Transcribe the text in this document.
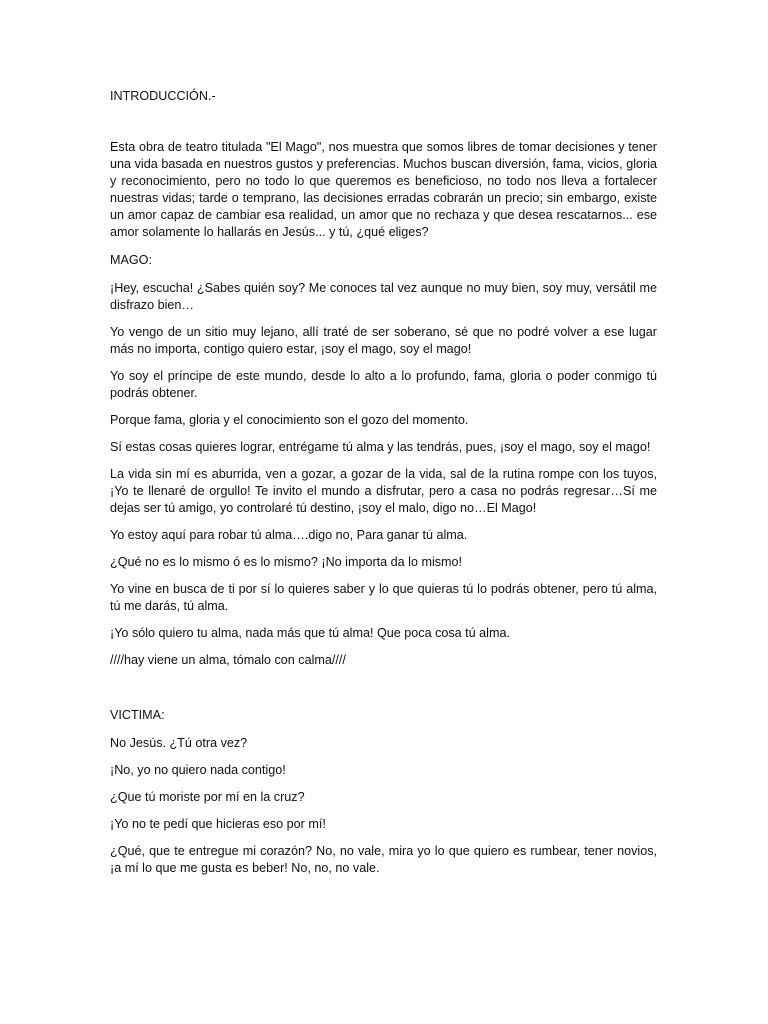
INTRODUCCIÓN.-

Esta obra de teatro titulada "El Mago", nos muestra que somos libres de tomar decisiones y tener una vida basada en nuestros gustos y preferencias. Muchos buscan diversión, fama, vicios, gloria y reconocimiento, pero no todo lo que queremos es beneficioso, no todo nos lleva a fortalecer nuestras vidas; tarde o temprano, las decisiones erradas cobrarán un precio; sin embargo, existe un amor capaz de cambiar esa realidad, un amor que no rechaza y que desea rescatarnos... ese amor solamente lo hallarás en Jesús... y tú, ¿qué eliges?

MAGO:

¡Hey, escucha! ¿Sabes quién soy? Me conoces tal vez aunque no muy bien, soy muy, versátil me disfrazo bien…

Yo vengo de un sitio muy lejano, allí traté de ser soberano, sé que no podré volver a ese lugar más no importa, contigo quiero estar, ¡soy el mago, soy el mago!

Yo soy el príncipe de este mundo, desde lo alto a lo profundo, fama, gloria o poder conmigo tú podrás obtener.

Porque fama, gloria y el conocimiento son el gozo del momento.

Sí estas cosas quieres lograr, entrégame tú alma y las tendrás, pues, ¡soy el mago, soy el mago!

La vida sin mí es aburrida, ven a gozar, a gozar de la vida, sal de la rutina rompe con los tuyos, ¡Yo te llenaré de orgullo! Te invito el mundo a disfrutar, pero a casa no podrás regresar…Sí me dejas ser tú amigo, yo controlaré tú destino, ¡soy el malo, digo no…El Mago!

Yo estoy aquí para robar tú alma….digo no, Para ganar tú alma.

¿Qué no es lo mismo ó es lo mismo? ¡No importa da lo mismo!

Yo vine en busca de ti por sí lo quieres saber y lo que quieras tú lo podrás obtener, pero tú alma, tú me darás, tú alma.

¡Yo sólo quiero tu alma, nada más que tú alma! Que poca cosa tú alma.

////hay viene un alma, tómalo con calma////

VICTIMA:

No Jesús. ¿Tú otra vez?

¡No, yo no quiero nada contigo!

¿Que tú moriste por mí en la cruz?

¡Yo no te pedí que hicieras eso por mí!

¿Qué, que te entregue mi corazón? No, no vale, mira yo lo que quiero es rumbear, tener novios, ¡a mí lo que me gusta es beber! No, no, no vale.
